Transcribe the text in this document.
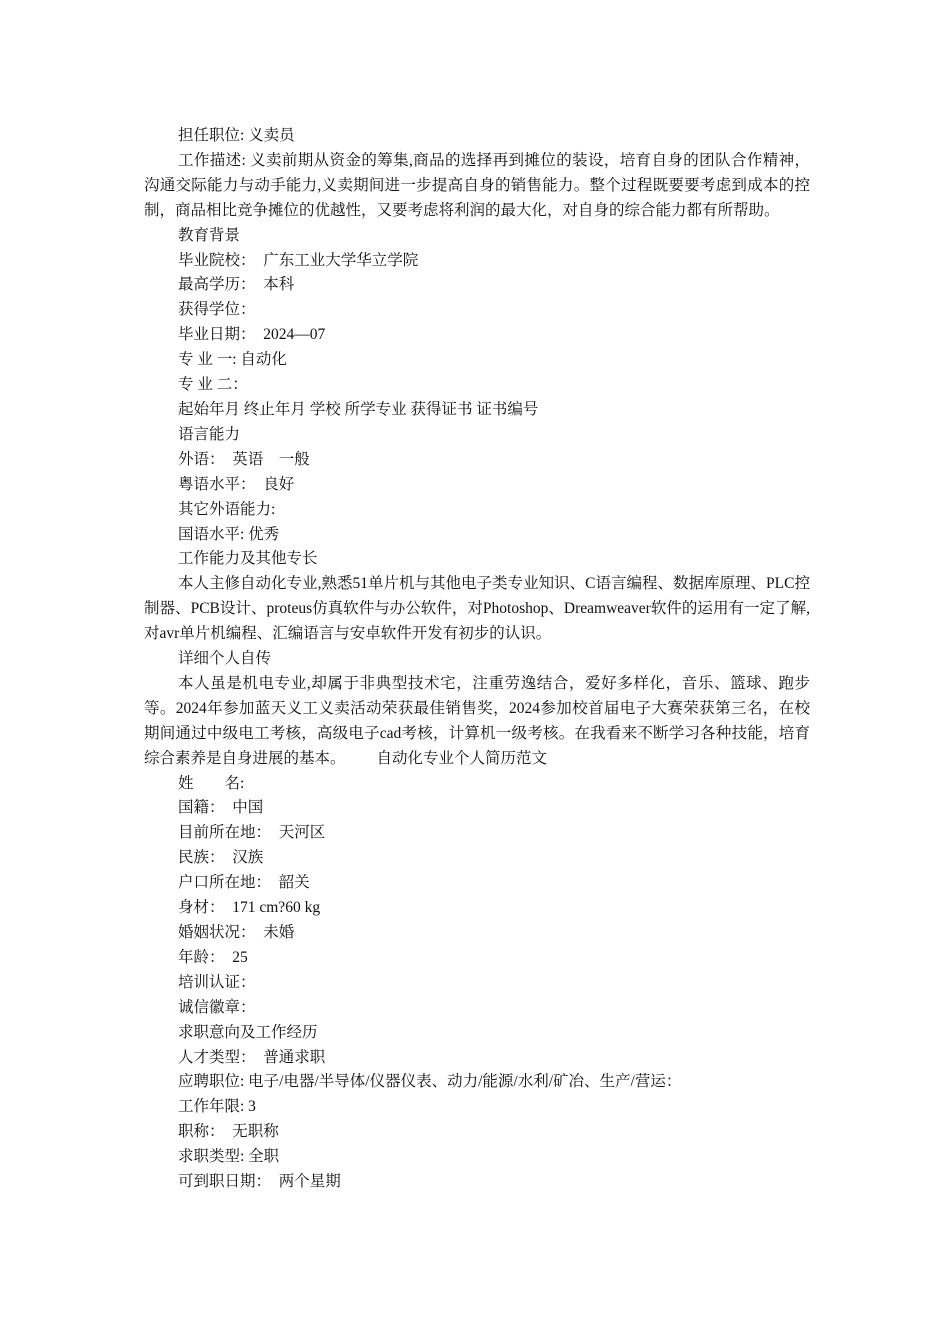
担任职位: 义卖员

工作描述: 义卖前期从资金的筹集,商品的选择再到摊位的装设，培育自身的团队合作精神，沟通交际能力与动手能力,义卖期间进一步提高自身的销售能力。整个过程既要要考虑到成本的控制，商品相比竞争摊位的优越性，又要考虑将利润的最大化，对自身的综合能力都有所帮助。

教育背景
毕业院校：  广东工业大学华立学院
最高学历：  本科
获得学位：
毕业日期：  2024—07
专 业 一: 自动化
专 业 二：
起始年月 终止年月 学校 所学专业 获得证书 证书编号
语言能力
外语：  英语    一般
粤语水平：  良好
其它外语能力:
国语水平: 优秀
工作能力及其他专长

本人主修自动化专业,熟悉51单片机与其他电子类专业知识、C语言编程、数据库原理、PLC控制器、PCB设计、proteus仿真软件与办公软件，对Photoshop、Dreamweaver软件的运用有一定了解,对avr单片机编程、汇编语言与安卓软件开发有初步的认识。

详细个人自传

本人虽是机电专业,却属于非典型技术宅，注重劳逸结合，爱好多样化，音乐、篮球、跑步等。2024年参加蓝天义工义卖活动荣获最佳销售奖，2024参加校首届电子大赛荣获第三名，在校期间通过中级电工考核，高级电子cad考核，计算机一级考核。在我看来不断学习各种技能，培育综合素养是自身进展的基本。        自动化专业个人简历范文

姓        名:
国籍：  中国
目前所在地：  天河区
民族：  汉族
户口所在地：  韶关
身材：  171 cm?60 kg
婚姻状况：  未婚
年龄：  25
培训认证：
诚信徽章：
求职意向及工作经历
人才类型：  普通求职
应聘职位: 电子/电器/半导体/仪器仪表、动力/能源/水利/矿冶、生产/营运：
工作年限: 3
职称：  无职称
求职类型: 全职
可到职日期：  两个星期
